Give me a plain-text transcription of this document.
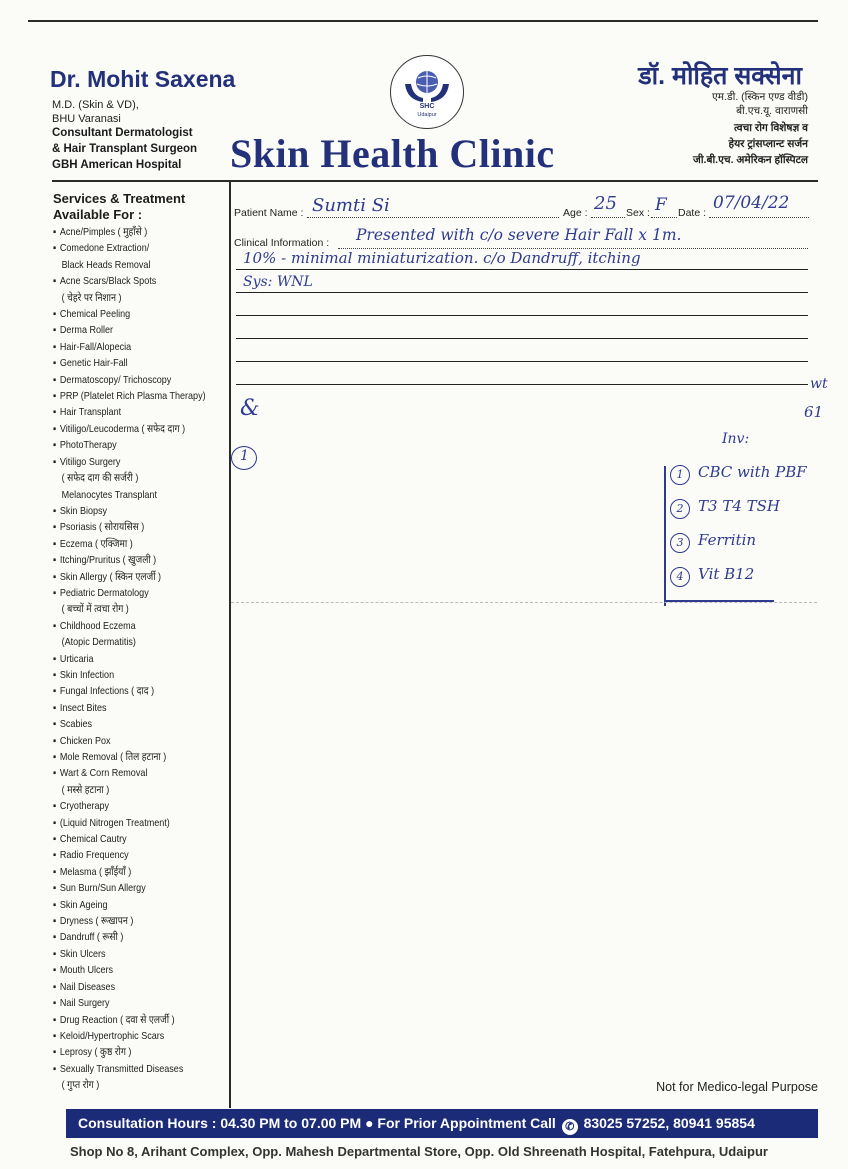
Dr. Mohit Saxena
M.D. (Skin & VD),
BHU Varanasi
Consultant Dermatologist
& Hair Transplant Surgeon
GBH American Hospital
SHC
Udaipur
Skin Health Clinic
डॉ. मोहित सक्सेना
एम.डी. (स्किन एण्ड वीडी)
बी.एच.यू. वाराणसी
त्वचा रोग विशेषज्ञ व
हेयर ट्रांसप्लान्ट सर्जन
जी.बी.एच. अमेरिकन हॉस्पिटल
Services & Treatment
Available For :
▪ Acne/Pimples ( मुहाँसे )
▪ Comedone Extraction/
Black Heads Removal
▪ Acne Scars/Black Spots
( चेहरे पर निशान )
▪ Chemical Peeling
▪ Derma Roller
▪ Hair-Fall/Alopecia
▪ Genetic Hair-Fall
▪ Dermatoscopy/ Trichoscopy
▪ PRP (Platelet Rich Plasma Therapy)
▪ Hair Transplant
▪ Vitiligo/Leucoderma ( सफेद दाग )
▪ PhotoTherapy
▪ Vitiligo Surgery
( सफेद दाग की सर्जरी )
Melanocytes Transplant
▪ Skin Biopsy
▪ Psoriasis ( सोरायसिस )
▪ Eczema ( एक्जिमा )
▪ Itching/Pruritus ( खुजली )
▪ Skin Allergy ( स्किन एलर्जी )
▪ Pediatric Dermatology
( बच्चों में त्वचा रोग )
▪ Childhood Eczema
(Atopic Dermatitis)
▪ Urticaria
▪ Skin Infection
▪ Fungal Infections ( दाद )
▪ Insect Bites
▪ Scabies
▪ Chicken Pox
▪ Mole Removal ( तिल हटाना )
▪ Wart & Corn Removal
( मस्से हटाना )
▪ Cryotherapy
▪ (Liquid Nitrogen Treatment)
▪ Chemical Cautry
▪ Radio Frequency
▪ Melasma ( झाँईयाँ )
▪ Sun Burn/Sun Allergy
▪ Skin Ageing
▪ Dryness ( रूखापन )
▪ Dandruff ( रूसी )
▪ Skin Ulcers
▪ Mouth Ulcers
▪ Nail Diseases
▪ Nail Surgery
▪ Drug Reaction ( दवा से एलर्जी )
▪ Keloid/Hypertrophic Scars
▪ Leprosy ( कुष्ठ रोग )
▪ Sexually Transmitted Diseases
( गुप्त रोग )
Patient Name : Sumti Si	Age : 25 Sex : F Date : 07/04/22
Clinical Information : Presented with c/o severe Hair Fall x 1m.
10% - minimal miniaturization. c/o Dandruff, itching
Sys: WNL
wt
61
&
1
Inv:
1 CBC with PBF
2 T3 T4 TSH
3 Ferritin
4 Vit B12
Not for Medico-legal Purpose
Consultation Hours : 04.30 PM to 07.00 PM ● For Prior Appointment Call ✆ 83025 57252, 80941 95854
Shop No 8, Arihant Complex, Opp. Mahesh Departmental Store, Opp. Old Shreenath Hospital, Fatehpura, Udaipur
